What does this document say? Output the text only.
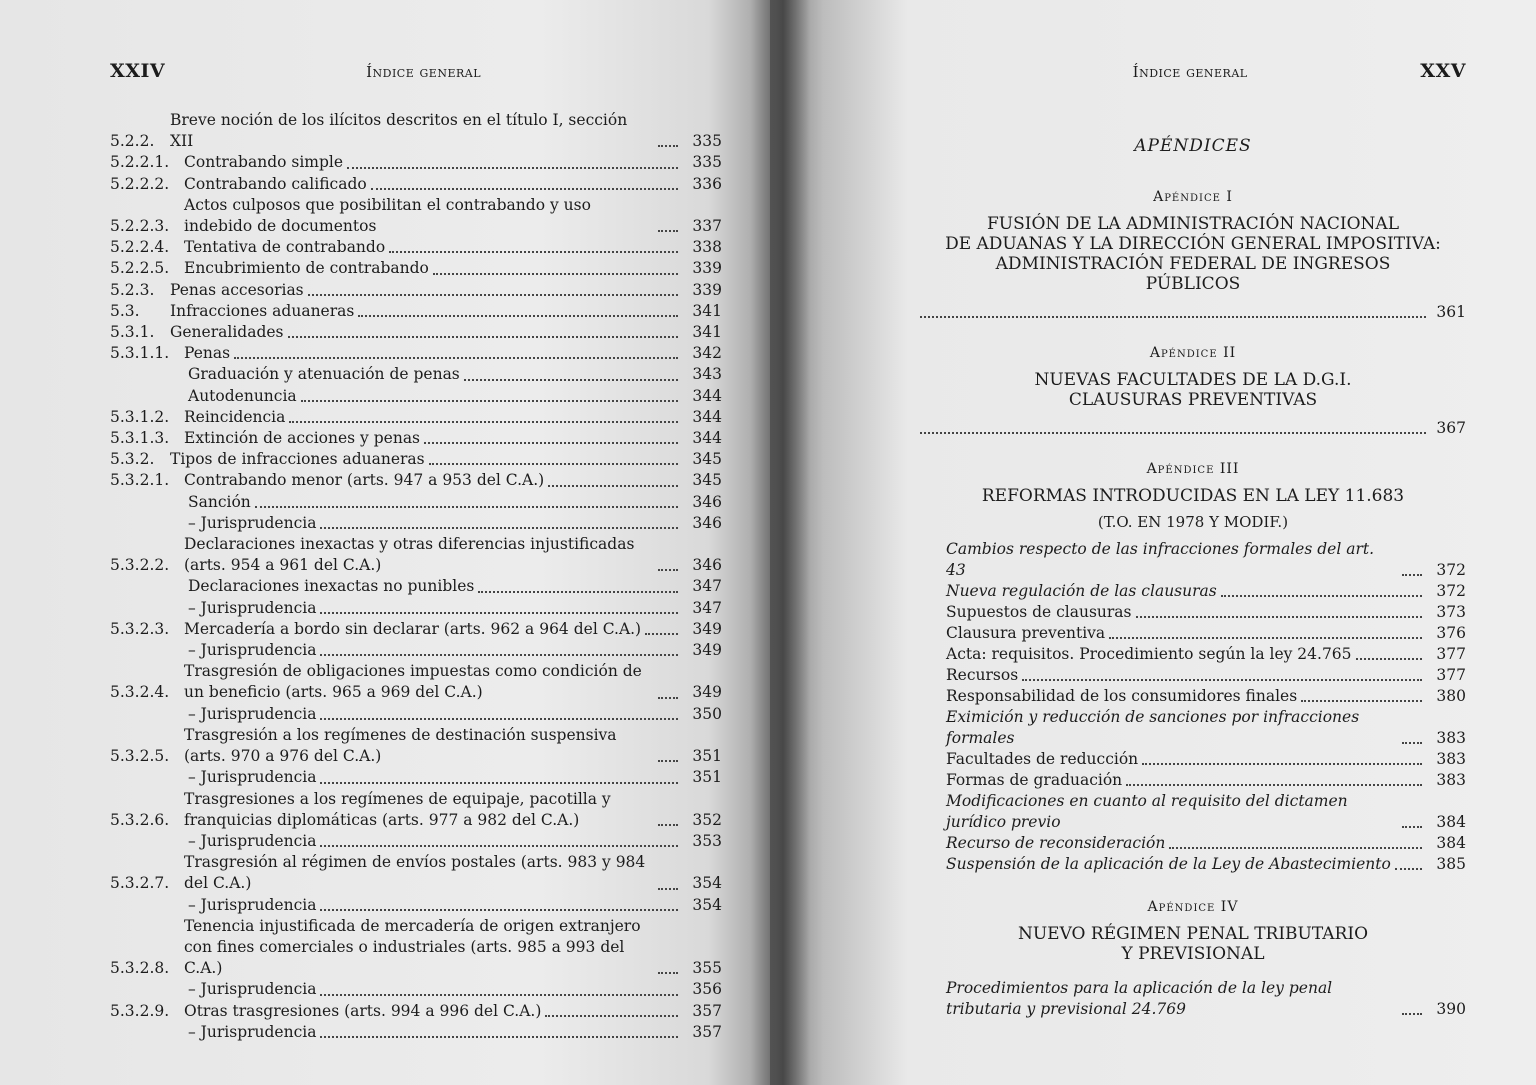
XXIV	Índice general
5.2.2.
Breve noción de los ilícitos descritos en el título I, sección XII	335
5.2.2.1. Contrabando simple	335
5.2.2.2. Contrabando calificado	336
5.2.2.3.
Actos culposos que posibilitan el contrabando y uso indebido de documentos	337
5.2.2.4. Tentativa de contrabando	338
5.2.2.5. Encubrimiento de contrabando	339
5.2.3.	Penas accesorias	339
5.3.	Infracciones aduaneras	341
5.3.1.	Generalidades	341
5.3.1.1. Penas	342
Graduación y atenuación de penas	343
Autodenuncia	344
5.3.1.2. Reincidencia	344
5.3.1.3. Extinción de acciones y penas	344
5.3.2.	Tipos de infracciones aduaneras	345
5.3.2.1. Contrabando menor (arts. 947 a 953 del C.A.)	345
Sanción	346
– Jurisprudencia	346
5.3.2.2.
Declaraciones inexactas y otras diferencias injustificadas (arts. 954 a 961 del C.A.)	346
Declaraciones inexactas no punibles	347
– Jurisprudencia	347
5.3.2.3. Mercadería a bordo sin declarar (arts. 962 a 964 del C.A.)	349
– Jurisprudencia	349
5.3.2.4.
Trasgresión de obligaciones impuestas como condición de un beneficio (arts. 965 a 969 del C.A.)	349
– Jurisprudencia	350
5.3.2.5.
Trasgresión a los regímenes de destinación suspensiva (arts. 970 a 976 del C.A.)	351
– Jurisprudencia	351
5.3.2.6.
Trasgresiones a los regímenes de equipaje, pacotilla y franquicias diplomáticas (arts. 977 a 982 del C.A.)	352
– Jurisprudencia	353
5.3.2.7.
Trasgresión al régimen de envíos postales (arts. 983 y 984 del C.A.)	354
– Jurisprudencia	354
5.3.2.8.
Tenencia injustificada de mercadería de origen extranjero con fines comerciales o industriales (arts. 985 a 993 del C.A.)	355
– Jurisprudencia	356
5.3.2.9. Otras trasgresiones (arts. 994 a 996 del C.A.)	357
– Jurisprudencia	357
Índice general	XXV
APÉNDICES
Apéndice I
FUSIÓN DE LA ADMINISTRACIÓN NACIONAL
DE ADUANAS Y LA DIRECCIÓN GENERAL IMPOSITIVA:
ADMINISTRACIÓN FEDERAL DE INGRESOS
PÚBLICOS
361
Apéndice II
NUEVAS FACULTADES DE LA D.G.I.
CLAUSURAS PREVENTIVAS
367
Apéndice III
REFORMAS INTRODUCIDAS EN LA LEY 11.683
(T.O. EN 1978 Y MODIF.)
Cambios respecto de las infracciones formales del art. 43	372
Nueva regulación de las clausuras	372
Supuestos de clausuras	373
Clausura preventiva	376
Acta: requisitos. Procedimiento según la ley 24.765	377
Recursos	377
Responsabilidad de los consumidores finales	380
Eximición y reducción de sanciones por infracciones formales	383
Facultades de reducción	383
Formas de graduación	383
Modificaciones en cuanto al requisito del dictamen jurídico previo	384
Recurso de reconsideración	384
Suspensión de la aplicación de la Ley de Abastecimiento	385
Apéndice IV
NUEVO RÉGIMEN PENAL TRIBUTARIO
Y PREVISIONAL
Procedimientos para la aplicación de la ley penal tributaria y previsional 24.769	390
